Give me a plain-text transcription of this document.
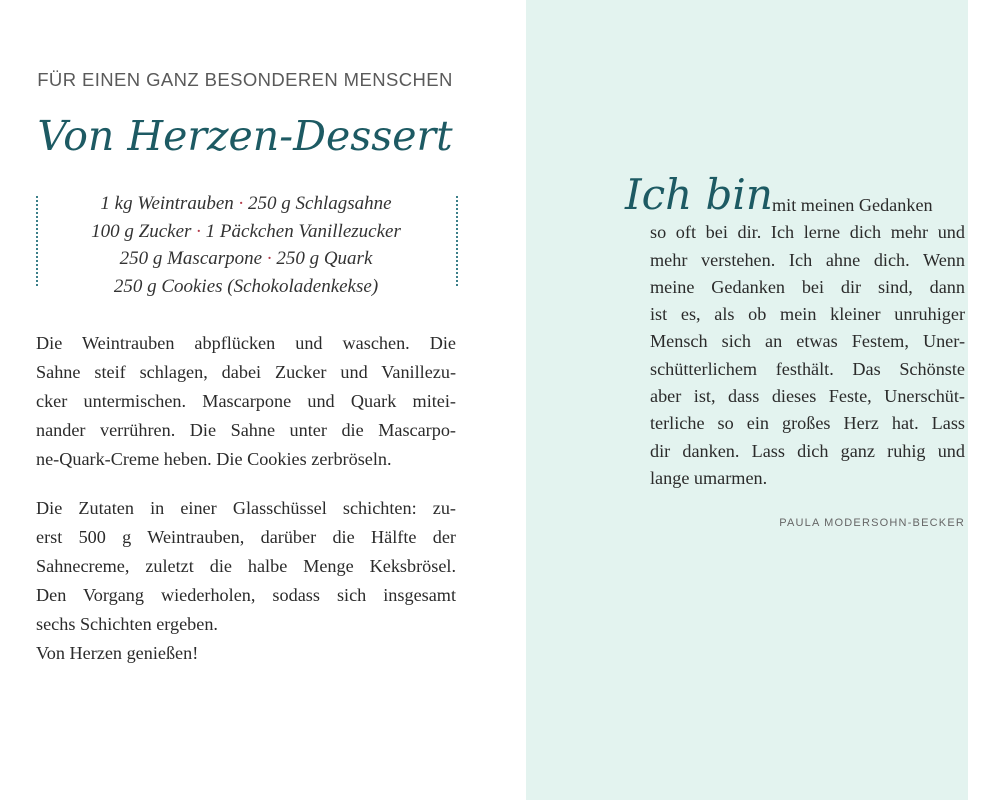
FÜR EINEN GANZ BESONDEREN MENSCHEN
Von Herzen-Dessert
1 kg Weintrauben · 250 g Schlagsahne
100 g Zucker · 1 Päckchen Vanillezucker
250 g Mascarpone · 250 g Quark
250 g Cookies (Schokoladenkekse)
Die Weintrauben abpflücken und waschen. Die
Sahne steif schlagen, dabei Zucker und Vanillezu-
cker untermischen. Mascarpone und Quark mitei-
nander verrühren. Die Sahne unter die Mascarpo-
ne-Quark-Creme heben. Die Cookies zerbröseln.
Die Zutaten in einer Glasschüssel schichten: zu-
erst 500 g Weintrauben, darüber die Hälfte der
Sahnecreme, zuletzt die halbe Menge Keksbrösel.
Den Vorgang wiederholen, sodass sich insgesamt
sechs Schichten ergeben.
Von Herzen genießen!
Ich bin mit meinen Gedanken
so oft bei dir. Ich lerne dich mehr und
mehr verstehen. Ich ahne dich. Wenn
meine Gedanken bei dir sind, dann
ist es, als ob mein kleiner unruhiger
Mensch sich an etwas Festem, Uner-
schütterlichem festhält. Das Schönste
aber ist, dass dieses Feste, Unerschüt-
terliche so ein großes Herz hat. Lass
dir danken. Lass dich ganz ruhig und
lange umarmen.
PAULA MODERSOHN-BECKER
